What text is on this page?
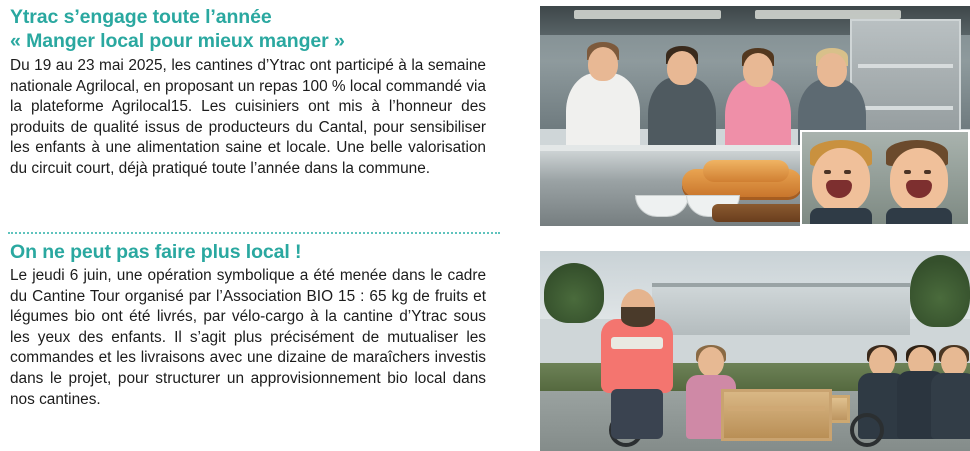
Ytrac s’engage toute l’année
« Manger local pour mieux manger »

Du 19 au 23 mai 2025, les cantines d’Ytrac ont participé à la semaine nationale Agrilocal, en proposant un repas 100 % local commandé via la plateforme Agrilocal15. Les cuisiniers ont mis à l’honneur des produits de qualité issus de producteurs du Cantal, pour sensibiliser les enfants à une alimentation saine et locale. Une belle valorisation du circuit court, déjà pratiqué toute l’année dans la commune.

On ne peut pas faire plus local !

Le jeudi 6 juin, une opération symbolique a été menée dans le cadre du Cantine Tour organisé par l’Association BIO 15 : 65 kg de fruits et légumes bio ont été livrés, par vélo-cargo à la cantine d’Ytrac sous les yeux des enfants. Il s’agit plus précisément de mutualiser les commandes et les livraisons avec une dizaine de maraîchers investis dans le projet, pour structurer un approvisionnement bio local dans nos cantines.
